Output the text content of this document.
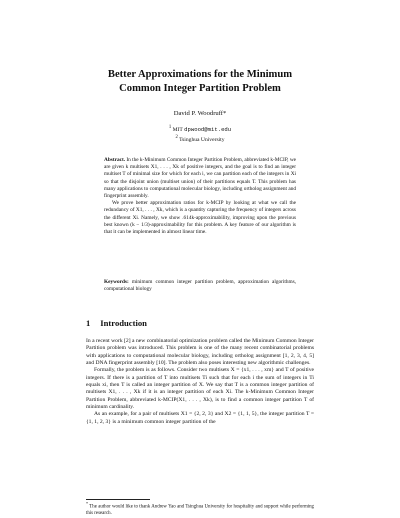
Better Approximations for the Minimum
Common Integer Partition Problem
David P. Woodruff*
$^1$ MIT dpwood@mit.edu
$^2$ Tsinghua University

Abstract. In the k-Minimum Common Integer Partition Problem, abbreviated k-MCIP, we are given k multisets X1, . . . , Xk of positive integers, and the goal is to find an integer multiset T of minimal size for which for each i, we can partition each of the integers in Xi so that the disjoint union (multiset union) of their partitions equals T. This problem has many applications to computational molecular biology, including ortholog assignment and fingerprint assembly.

We prove better approximation ratios for k-MCIP by looking at what we call the redundancy of X1, . . . , Xk, which is a quantity capturing the frequency of integers across the different Xi. Namely, we show .614k-approximability, improving upon the previous best known (k − 1/3)-approximability for this problem. A key feature of our algorithm is that it can be implemented in almost linear time.

Keywords: minimum common integer partition problem, approximation algorithms, computational biology
1 Introduction

In a recent work [2] a new combinatorial optimization problem called the Minimum Common Integer Partition problem was introduced. This problem is one of the many recent combinatorial problems with applications to computational molecular biology, including ortholog assignment [1, 2, 3, 4, 5] and DNA fingerprint assembly [10]. The problem also poses interesting new algorithmic challenges.

Formally, the problem is as follows. Consider two multisets X = {x1, . . . , xm} and T of positive integers. If there is a partition of T into multisets Ti such that for each i the sum of integers in Ti equals xi, then T is called an integer partition of X. We say that T is a common integer partition of multisets X1, . . . , Xk if it is an integer partition of each Xi. The k-Minimum Common Integer Partition Problem, abbreviated k-MCIP(X1, . . . , Xk), is to find a common integer partition T of minimum cardinality.

As an example, for a pair of multisets X1 = {2, 2, 3} and X2 = {1, 1, 5}, the integer partition T = {1, 1, 2, 3} is a minimum common integer partition of the

* The author would like to thank Andrew Yao and Tsinghua University for hospitality and support while performing this research.
